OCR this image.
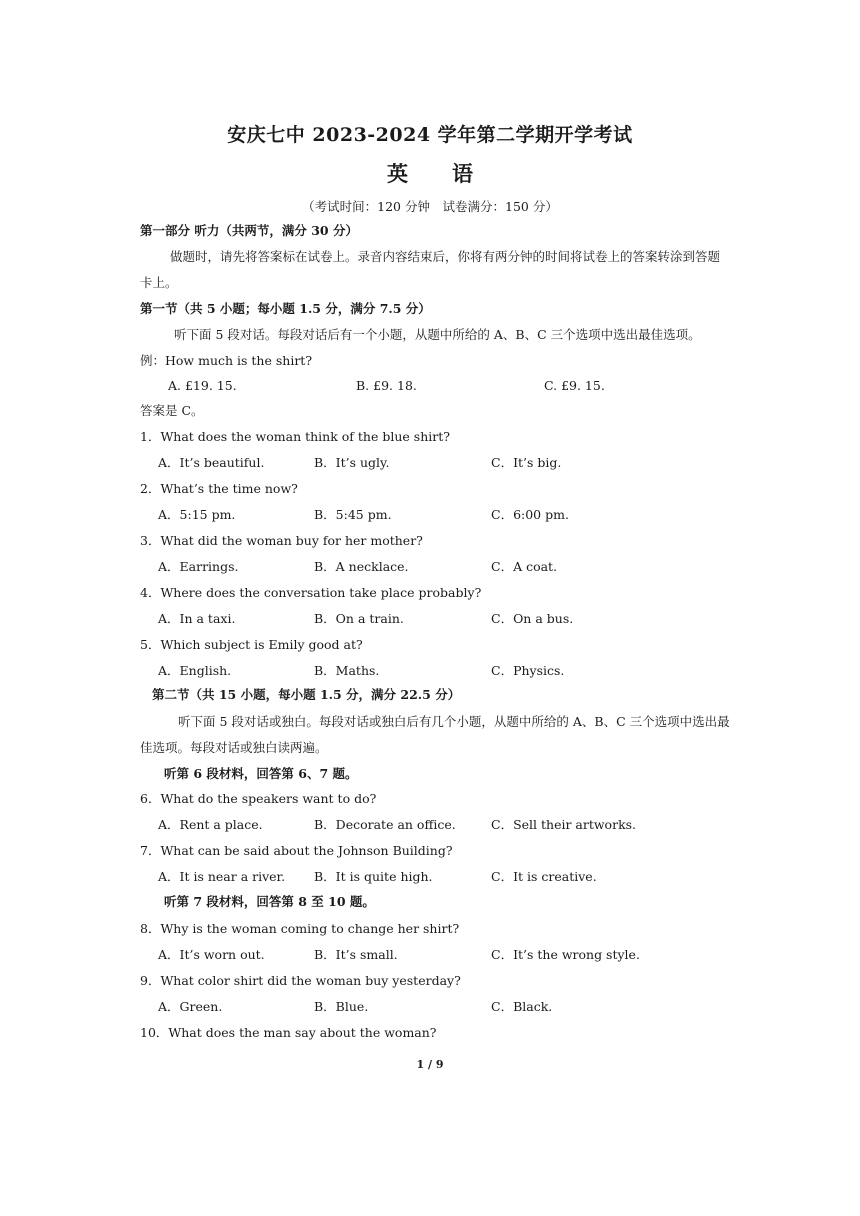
安庆七中 2023-2024 学年第二学期开学考试
英语
（考试时间：120 分钟　试卷满分：150 分）
第一部分 听力（共两节，满分 30 分）
做题时，请先将答案标在试卷上。录音内容结束后，你将有两分钟的时间将试卷上的答案转涂到答题
卡上。
第一节（共 5 小题；每小题 1.5 分，满分 7.5 分）
听下面 5 段对话。每段对话后有一个小题，从题中所给的 A、B、C 三个选项中选出最佳选项。
例：How much is the shirt?
A. £19. 15.	B. £9. 18.	C. £9. 15.
答案是 C。
1．What does the woman think of the blue shirt?
A．It’s beautiful.	B．It’s ugly.	C．It’s big.
2．What’s the time now?
A．5:15 pm.	B．5:45 pm.	C．6:00 pm.
3．What did the woman buy for her mother?
A．Earrings.	B．A necklace.	C．A coat.
4．Where does the conversation take place probably?
A．In a taxi.	B．On a train.	C．On a bus.
5．Which subject is Emily good at?
A．English.	B．Maths.	C．Physics.
第二节（共 15 小题，每小题 1.5 分，满分 22.5 分）
听下面 5 段对话或独白。每段对话或独白后有几个小题，从题中所给的 A、B、C 三个选项中选出最
佳选项。每段对话或独白读两遍。
听第 6 段材料，回答第 6、7 题。
6．What do the speakers want to do?
A．Rent a place.	B．Decorate an office.	C．Sell their artworks.
7．What can be said about the Johnson Building?
A．It is near a river. B．It is quite high.	C．It is creative.
听第 7 段材料，回答第 8 至 10 题。
8．Why is the woman coming to change her shirt?
A．It’s worn out.	B．It’s small.	C．It’s the wrong style.
9．What color shirt did the woman buy yesterday?
A．Green.	B．Blue.	C．Black.
10．What does the man say about the woman?
1 / 9
